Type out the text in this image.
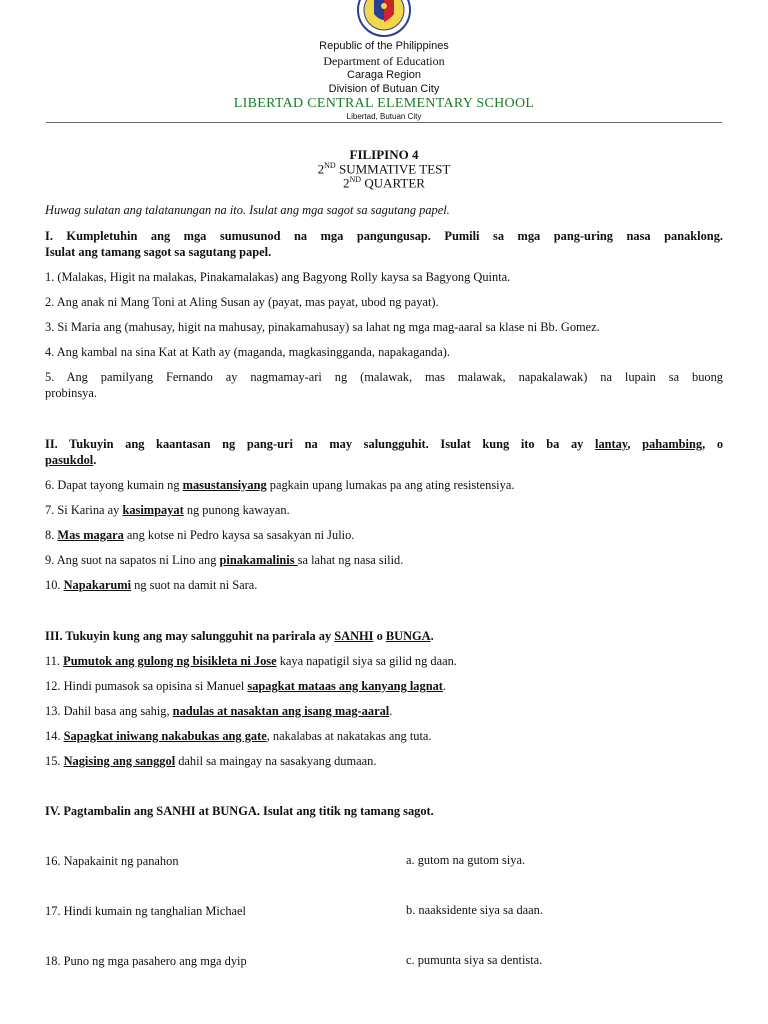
Republic of the Philippines
Department of Education
Caraga Region
Division of Butuan City
LIBERTAD CENTRAL ELEMENTARY SCHOOL
Libertad, Butuan City
FILIPINO 4
2ND SUMMATIVE TEST
2ND QUARTER
Huwag sulatan ang talatanungan na ito. Isulat ang mga sagot sa sagutang papel.
I. Kumpletuhin ang mga sumusunod na mga pangungusap. Pumili sa mga pang-uring nasa panaklong.
Isulat ang tamang sagot sa sagutang papel.
1. (Malakas, Higit na malakas, Pinakamalakas) ang Bagyong Rolly kaysa sa Bagyong Quinta.
2. Ang anak ni Mang Toni at Aling Susan ay (payat, mas payat, ubod ng payat).
3. Si Maria ang (mahusay, higit na mahusay, pinakamahusay) sa lahat ng mga mag-aaral sa klase ni Bb. Gomez.
4. Ang kambal na sina Kat at Kath ay (maganda, magkasingganda, napakaganda).
5. Ang pamilyang Fernando ay nagmamay-ari ng (malawak, mas malawak, napakalawak) na lupain sa buong
probinsya.
II. Tukuyin ang kaantasan ng pang-uri na may salungguhit. Isulat kung ito ba ay lantay, pahambing, o
pasukdol.
6. Dapat tayong kumain ng masustansiyang pagkain upang lumakas pa ang ating resistensiya.
7. Si Karina ay kasimpayat ng punong kawayan.
8. Mas magara ang kotse ni Pedro kaysa sa sasakyan ni Julio.
9. Ang suot na sapatos ni Lino ang pinakamalinis sa lahat ng nasa silid.
10. Napakarumi ng suot na damit ni Sara.
III. Tukuyin kung ang may salungguhit na parirala ay SANHI o BUNGA.
11. Pumutok ang gulong ng bisikleta ni Jose kaya napatigil siya sa gilid ng daan.
12. Hindi pumasok sa opisina si Manuel sapagkat mataas ang kanyang lagnat.
13. Dahil basa ang sahig, nadulas at nasaktan ang isang mag-aaral.
14. Sapagkat iniwang nakabukas ang gate, nakalabas at nakatakas ang tuta.
15. Nagising ang sanggol dahil sa maingay na sasakyang dumaan.
IV. Pagtambalin ang SANHI at BUNGA. Isulat ang titik ng tamang sagot.
16. Napakainit ng panahon	a. gutom na gutom siya.
17. Hindi kumain ng tanghalian Michael	b. naaksidente siya sa daan.
18. Puno ng mga pasahero ang mga dyip	c. pumunta siya sa dentista.
